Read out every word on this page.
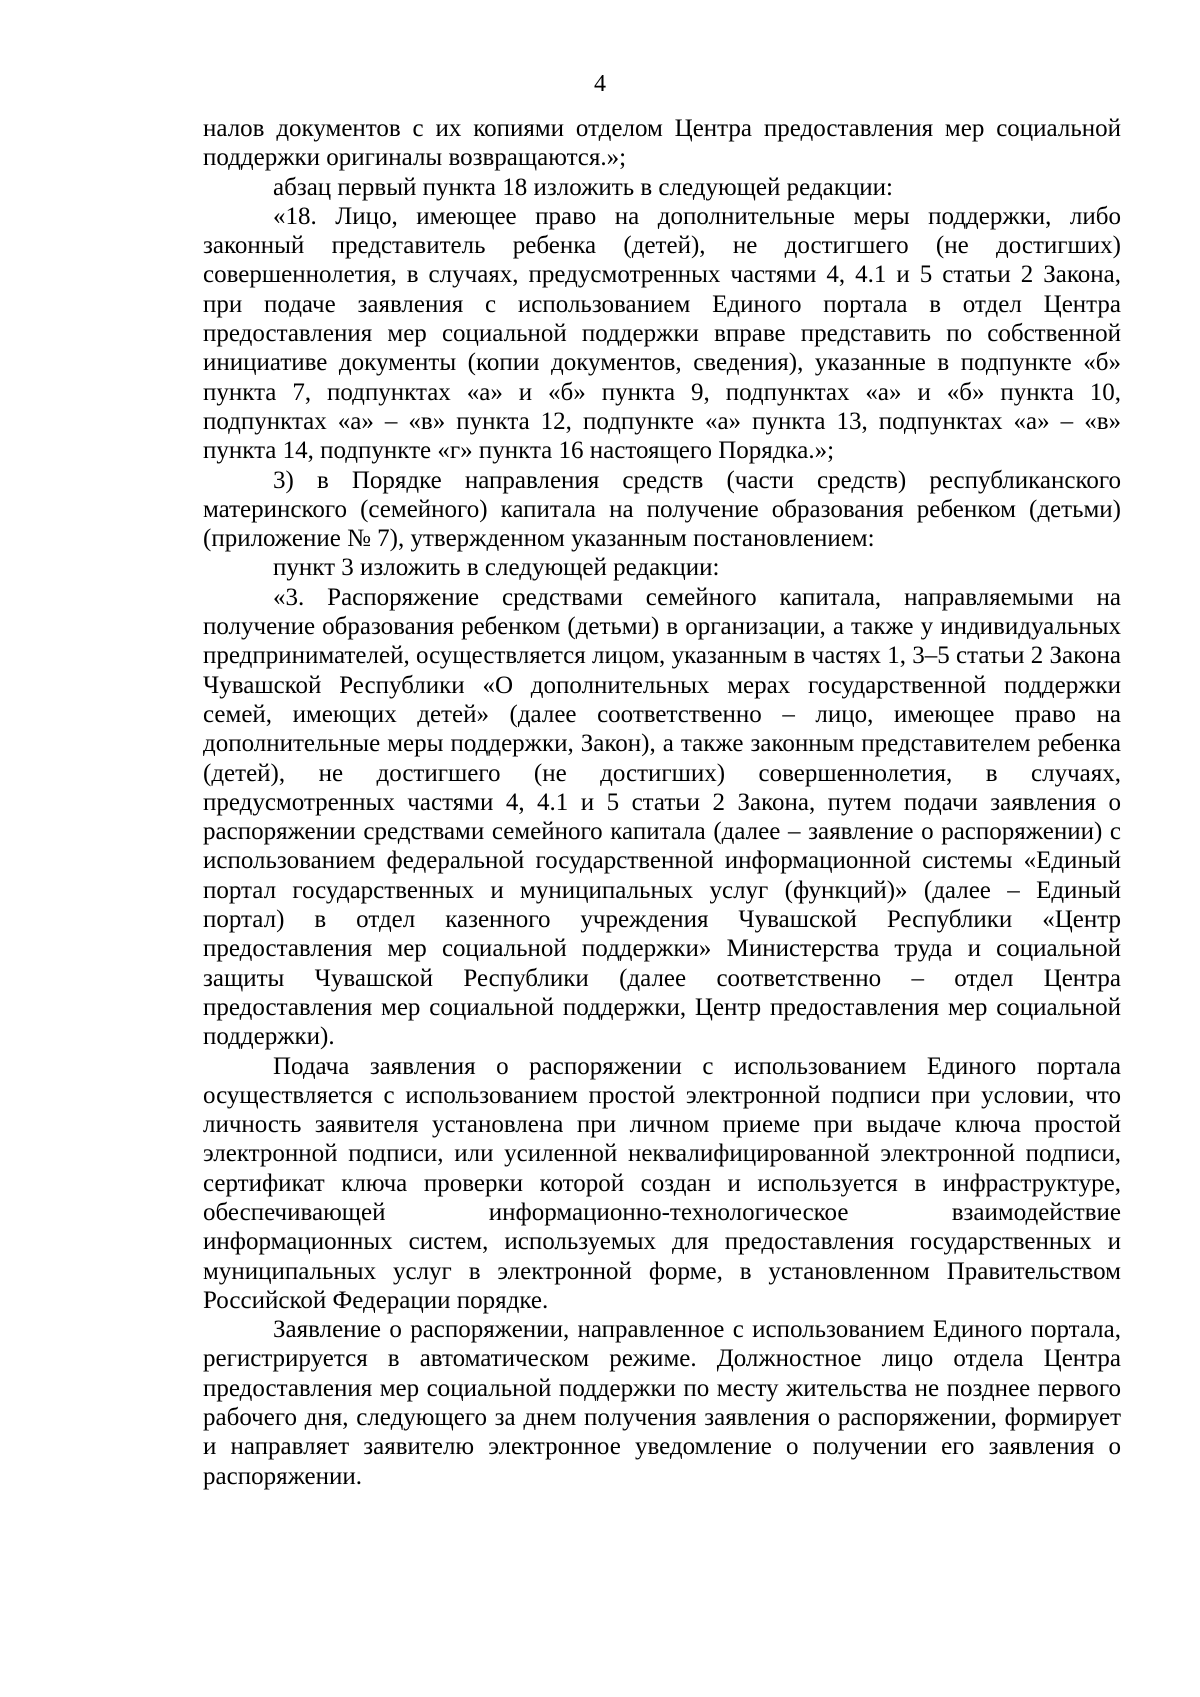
4

налов документов с их копиями отделом Центра предоставления мер социальной поддержки оригиналы возвращаются.»;

абзац первый пункта 18 изложить в следующей редакции:

«18. Лицо, имеющее право на дополнительные меры поддержки, либо законный представитель ребенка (детей), не достигшего (не достигших) совершеннолетия, в случаях, предусмотренных частями 4, 4.1 и 5 статьи 2 Закона, при подаче заявления с использованием Единого портала в отдел Центра предоставления мер социальной поддержки вправе представить по собственной инициативе документы (копии документов, сведения), указанные в подпункте «б» пункта 7, подпунктах «а» и «б» пункта 9, подпунктах «а» и «б» пункта 10, подпунктах «а» – «в» пункта 12, подпункте «а» пункта 13, подпунктах «а» – «в» пункта 14, подпункте «г» пункта 16 настоящего Порядка.»;

3) в Порядке направления средств (части средств) республиканского материнского (семейного) капитала на получение образования ребенком (детьми) (приложение № 7), утвержденном указанным постановлением:

пункт 3 изложить в следующей редакции:

«3. Распоряжение средствами семейного капитала, направляемыми на получение образования ребенком (детьми) в организации, а также у индивидуальных предпринимателей, осуществляется лицом, указанным в частях 1, 3–5 статьи 2 Закона Чувашской Республики «О дополнительных мерах государственной поддержки семей, имеющих детей» (далее соответственно – лицо, имеющее право на дополнительные меры поддержки, Закон), а также законным представителем ребенка (детей), не достигшего (не достигших) совершеннолетия, в случаях, предусмотренных частями 4, 4.1 и 5 статьи 2 Закона, путем подачи заявления о распоряжении средствами семейного капитала (далее – заявление о распоряжении) с использованием федеральной государственной информационной системы «Единый портал государственных и муниципальных услуг (функций)» (далее – Единый портал) в отдел казенного учреждения Чувашской Республики «Центр предоставления мер социальной поддержки» Министерства труда и социальной защиты Чувашской Республики (далее соответственно – отдел Центра предоставления мер социальной поддержки, Центр предоставления мер социальной поддержки).

Подача заявления о распоряжении с использованием Единого портала осуществляется с использованием простой электронной подписи при условии, что личность заявителя установлена при личном приеме при выдаче ключа простой электронной подписи, или усиленной неквалифицированной электронной подписи, сертификат ключа проверки которой создан и используется в инфраструктуре, обеспечивающей информационно-технологическое взаимодействие информационных систем, используемых для предоставления государственных и муниципальных услуг в электронной форме, в установленном Правительством Российской Федерации порядке.

Заявление о распоряжении, направленное с использованием Единого портала, регистрируется в автоматическом режиме. Должностное лицо отдела Центра предоставления мер социальной поддержки по месту жительства не позднее первого рабочего дня, следующего за днем получения заявления о распоряжении, формирует и направляет заявителю электронное уведомление о получении его заявления о распоряжении.
